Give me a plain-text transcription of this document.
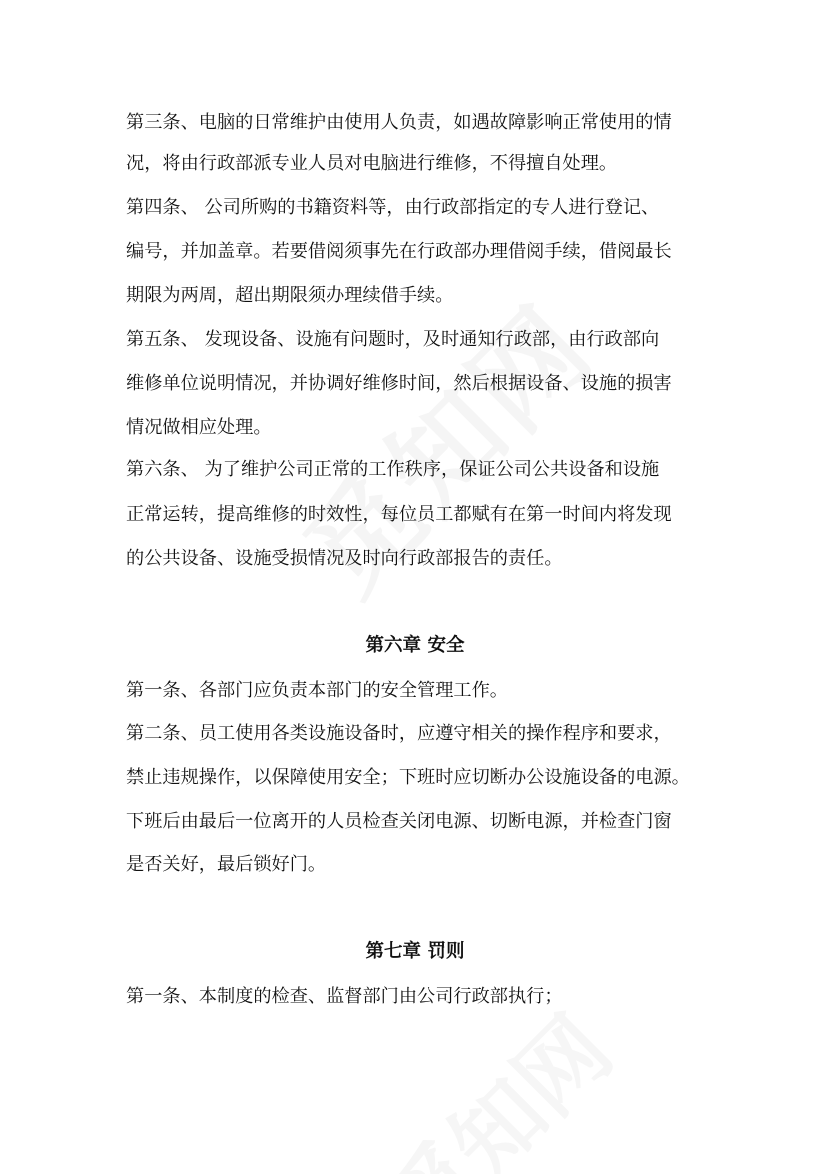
第三条、电脑的日常维护由使用人负责，如遇故障影响正常使用的情
况，将由行政部派专业人员对电脑进行维修，不得擅自处理。
第四条、 公司所购的书籍资料等，由行政部指定的专人进行登记、
编号，并加盖章。若要借阅须事先在行政部办理借阅手续，借阅最长
期限为两周，超出期限须办理续借手续。
第五条、 发现设备、设施有问题时，及时通知行政部，由行政部向
维修单位说明情况，并协调好维修时间，然后根据设备、设施的损害
情况做相应处理。
第六条、 为了维护公司正常的工作秩序，保证公司公共设备和设施
正常运转，提高维修的时效性，每位员工都赋有在第一时间内将发现
的公共设备、设施受损情况及时向行政部报告的责任。
第六章 安全
第一条、各部门应负责本部门的安全管理工作。
第二条、员工使用各类设施设备时，应遵守相关的操作程序和要求，
禁止违规操作，以保障使用安全；下班时应切断办公设施设备的电源。
下班后由最后一位离开的人员检查关闭电源、切断电源，并检查门窗
是否关好，最后锁好门。
第七章 罚则
第一条、本制度的检查、监督部门由公司行政部执行；
